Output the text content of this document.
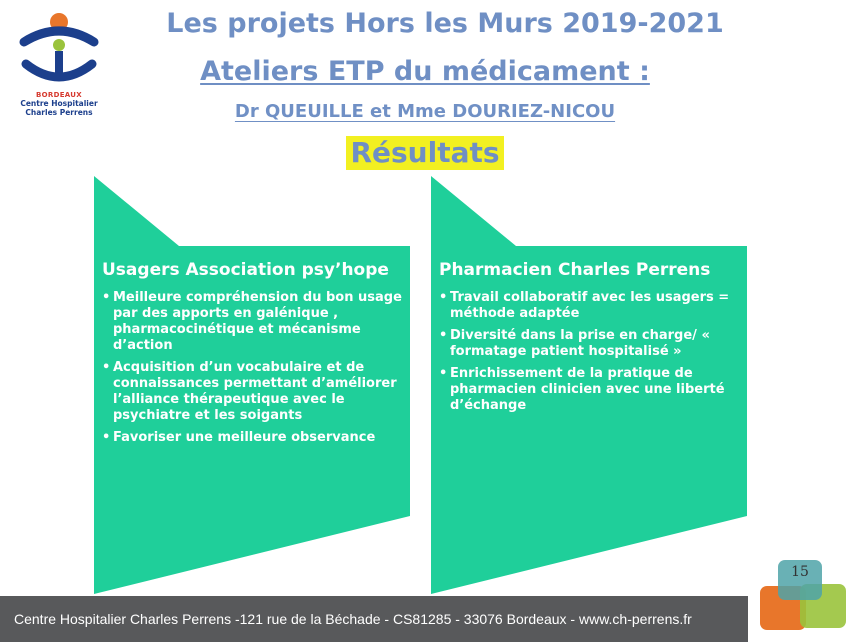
BORDEAUX
Centre Hospitalier
Charles Perrens
Les projets Hors les Murs 2019-2021
Ateliers ETP du médicament :
Dr QUEUILLE et Mme DOURIEZ-NICOU
Résultats
Usagers Association psy’hope
• Meilleure compréhension du bon usage par des apports en galénique , pharmacocinétique et mécanisme d’action
• Acquisition d’un vocabulaire et de connaissances permettant d’améliorer l’alliance thérapeutique avec le psychiatre et les soigants
• Favoriser une meilleure observance
Pharmacien Charles Perrens
• Travail collaboratif avec les usagers = méthode adaptée
• Diversité dans la prise en charge/ « formatage patient hospitalisé »
• Enrichissement de la pratique de pharmacien clinicien avec une liberté d’échange
Centre Hospitalier Charles Perrens -121 rue de la Béchade - CS81285 - 33076 Bordeaux - www.ch-perrens.fr
15
